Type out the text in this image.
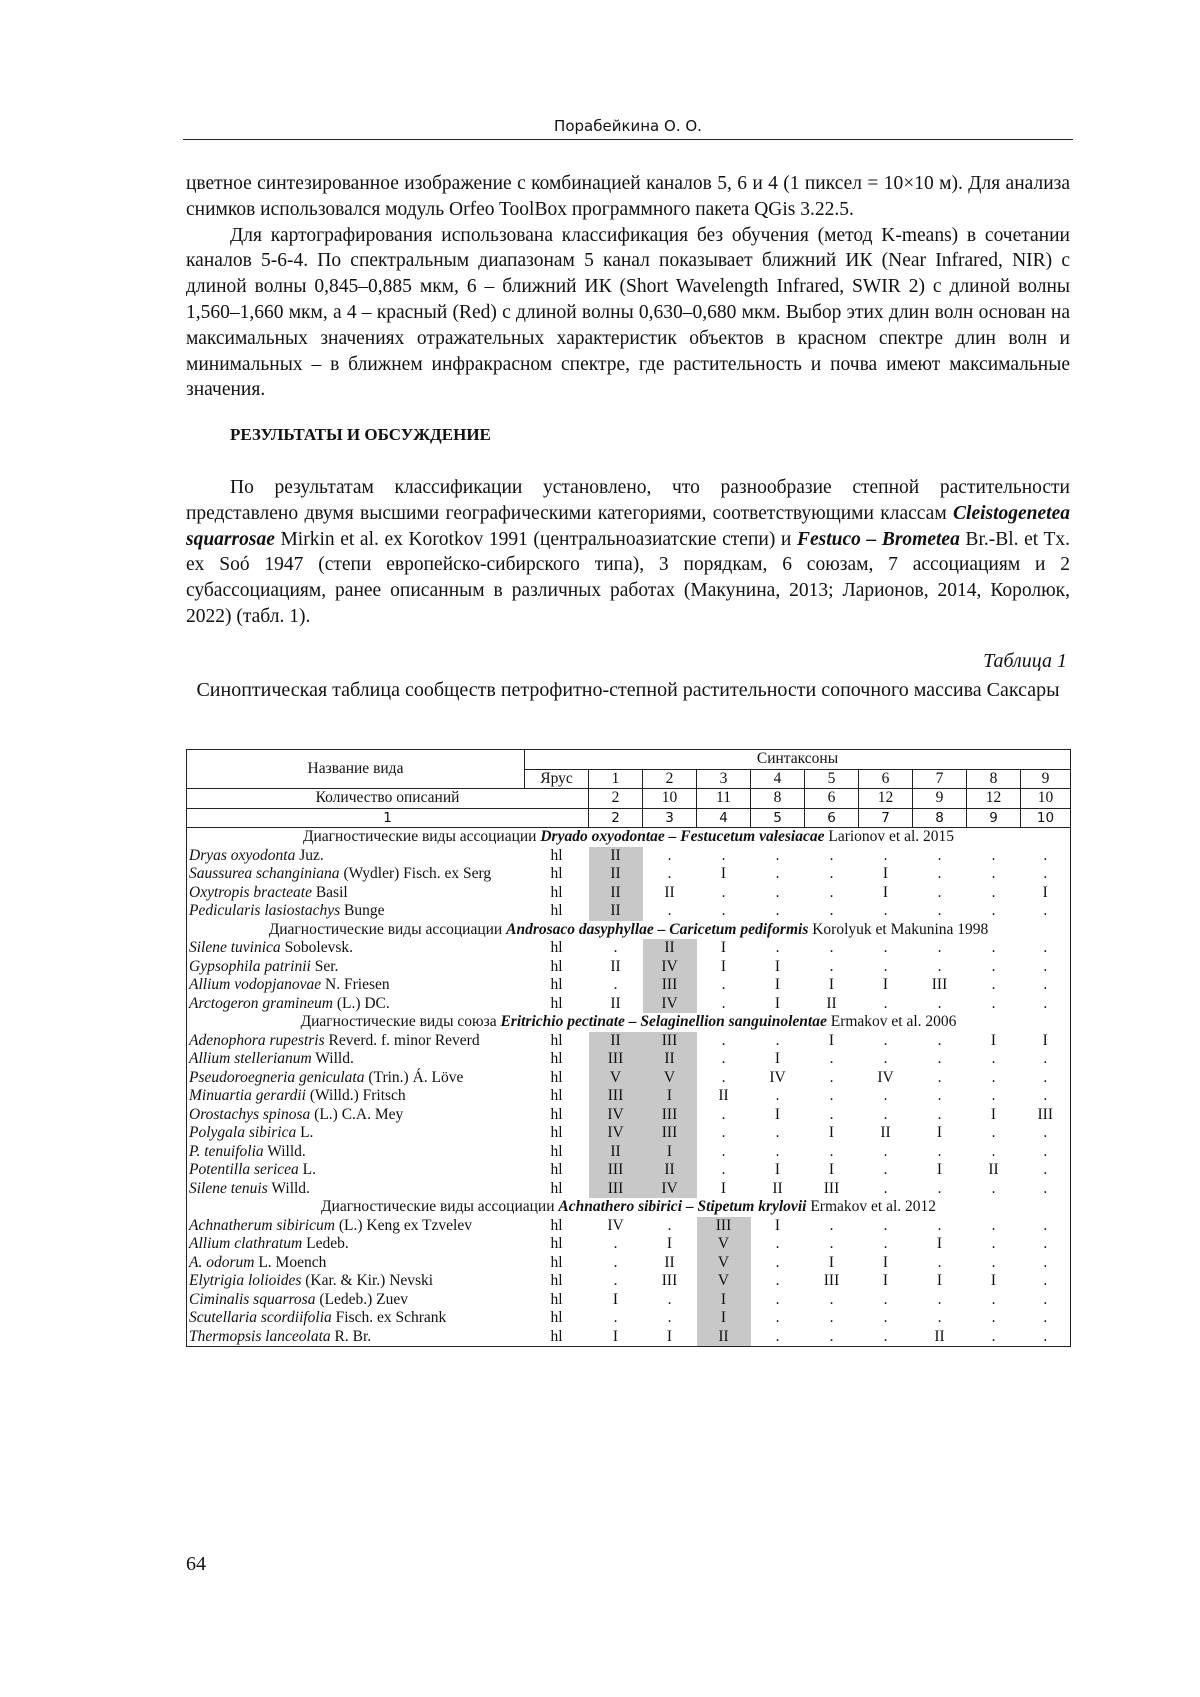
Порабейкина О. О.

цветное синтезированное изображение с комбинацией каналов 5, 6 и 4 (1 пиксел = 10×10 м). Для анализа снимков использовался модуль Orfeo ToolBox программного пакета QGis 3.22.5.

Для картографирования использована классификация без обучения (метод K-means) в сочетании каналов 5-6-4. По спектральным диапазонам 5 канал показывает ближний ИК (Near Infrared, NIR) с длиной волны 0,845–0,885 мкм, 6 – ближний ИК (Short Wavelength Infrared, SWIR 2) с длиной волны 1,560–1,660 мкм, а 4 – красный (Red) с длиной волны 0,630–0,680 мкм. Выбор этих длин волн основан на максимальных значениях отражательных характеристик объектов в красном спектре длин волн и минимальных – в ближнем инфракрасном спектре, где растительность и почва имеют максимальные значения.

РЕЗУЛЬТАТЫ И ОБСУЖДЕНИЕ

По результатам классификации установлено, что разнообразие степной растительности представлено двумя высшими географическими категориями, соответствующими классам Cleistogenetea squarrosae Mirkin et al. ex Korotkov 1991 (центральноазиатские степи) и Festuco – Brometea Br.-Bl. et Tx. ex Soó 1947 (степи европейско-сибирского типа), 3 порядкам, 6 союзам, 7 ассоциациям и 2 субассоциациям, ранее описанным в различных работах (Макунина, 2013; Ларионов, 2014, Королюк, 2022) (табл. 1).

Таблица 1
Синоптическая таблица сообществ петрофитно-степной растительности сопочного массива Саксары
Название вида	Синтаксоны									
	Ярус	1	2	3	4	5	6	7	8	9
Количество описаний		2	10	11	8	6	12	9	12	10
1		2	3	4	5	6	7	8	9	10
Диагностические виды ассоциации Dryado oxyodontae – Festucetum valesiacae Larionov et al. 2015										
Dryas oxyodonta Juz.	hl	II	.	.	.	.	.	.	.	.
Saussurea schanginiana (Wydler) Fisch. ex Serg	hl	II	.	I	.	.	I	.	.	.
Oxytropis bracteate Basil	hl	II	II	.	.	.	I	.	.	I
Pedicularis lasiostachys Bunge	hl	II	.	.	.	.	.	.	.	.
Диагностические виды ассоциации Androsaco dasyphyllae – Caricetum pediformis Korolyuk et Makunina 1998										
Silene tuvinica Sobolevsk.	hl	.	II	I	.	.	.	.	.	.
Gypsophila patrinii Ser.	hl	II	IV	I	I	.	.	.	.	.
Allium vodopjanovae N. Friesen	hl	.	III	.	I	I	I	III	.	.
Arctogeron gramineum (L.) DC.	hl	II	IV	.	I	II	.	.	.	.
Диагностические виды союза Eritrichio pectinate – Selaginellion sanguinolentae Ermakov et al. 2006										
Adenophora rupestris Reverd. f. minor Reverd	hl	II	III	.	.	I	.	.	I	I
Allium stellerianum Willd.	hl	III	II	.	I	.	.	.	.	.
Pseudoroegneria geniculata (Trin.) Á. Löve	hl	V	V	.	IV	.	IV	.	.	.
Minuartia gerardii (Willd.) Fritsch	hl	III	I	II	.	.	.	.	.	.
Orostachys spinosa (L.) C.A. Mey	hl	IV	III	.	I	.	.	.	I	III
Polygala sibirica L.	hl	IV	III	.	.	I	II	I	.	.
P. tenuifolia Willd.	hl	II	I	.	.	.	.	.	.	.
Potentilla sericea L.	hl	III	II	.	I	I	.	I	II	.
Silene tenuis Willd.	hl	III	IV	I	II	III	.	.	.	.
Диагностические виды ассоциации Achnathero sibirici – Stipetum krylovii Ermakov et al. 2012										
Achnatherum sibiricum (L.) Keng ex Tzvelev	hl	IV	.	III	I	.	.	.	.	.
Allium clathratum Ledeb.	hl	.	I	V	.	.	.	I	.	.
A. odorum L. Moench	hl	.	II	V	.	I	I	.	.	.
Elytrigia lolioides (Kar. & Kir.) Nevski	hl	.	III	V	.	III	I	I	I	.
Ciminalis squarrosa (Ledeb.) Zuev	hl	I	.	I	.	.	.	.	.	.
Scutellaria scordiifolia Fisch. ex Schrank	hl	.	.	I	.	.	.	.	.	.
Thermopsis lanceolata R. Br.	hl	I	I	II	.	.	.	II	.	.
64
